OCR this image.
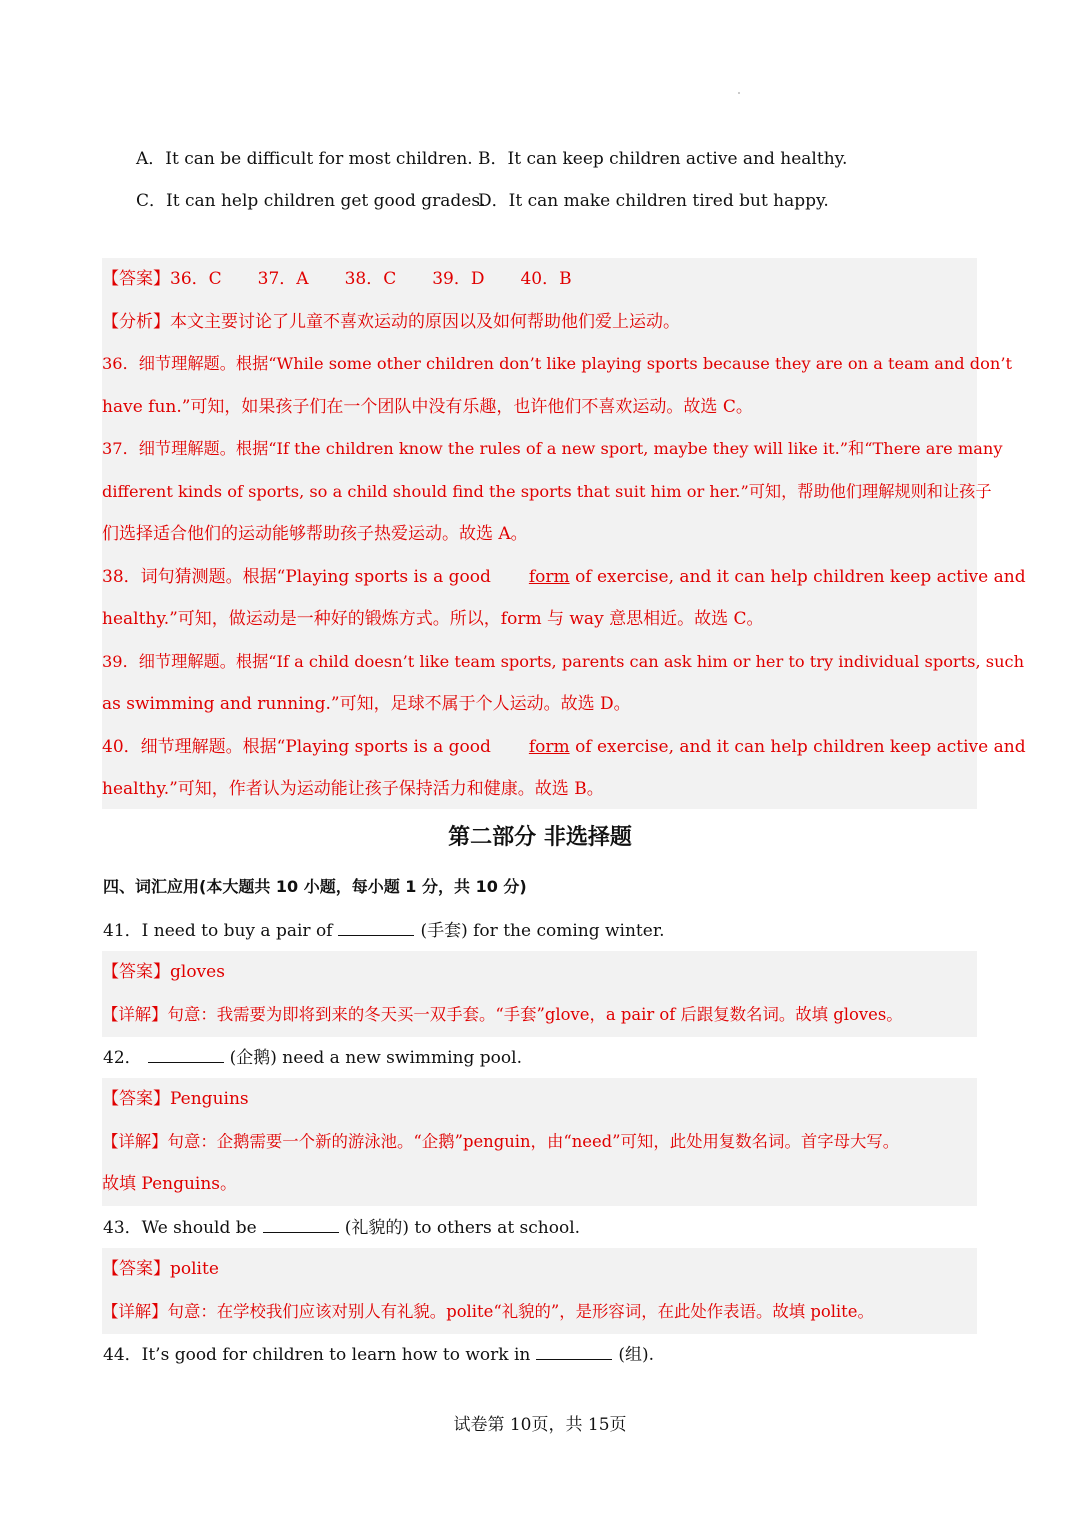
A．It can be difficult for most children. B．It can keep children active and healthy.
C．It can help children get good grades.
D．It can make children tired but happy.
【答案】36．C 37．A 38．C 39．D 40．B
【分析】本文主要讨论了儿童不喜欢运动的原因以及如何帮助他们爱上运动。
36．细节理解题。根据“While some other children don’t like playing sports because they are on a team and don’t
have fun.”可知，如果孩子们在一个团队中没有乐趣，也许他们不喜欢运动。故选 C。
37．细节理解题。根据“If the children know the rules of a new sport, maybe they will like it.”和“There are many
different kinds of sports, so a child should find the sports that suit him or her.”可知，帮助他们理解规则和让孩子
们选择适合他们的运动能够帮助孩子热爱运动。故选 A。
38．词句猜测题。根据“Playing sports is a good form of exercise, and it can help children keep active and
healthy.”可知，做运动是一种好的锻炼方式。所以，form 与 way 意思相近。故选 C。
39．细节理解题。根据“If a child doesn’t like team sports, parents can ask him or her to try individual sports, such
as swimming and running.”可知，足球不属于个人运动。故选 D。
40．细节理解题。根据“Playing sports is a good form of exercise, and it can help children keep active and
healthy.”可知，作者认为运动能让孩子保持活力和健康。故选 B。
第二部分 非选择题
四、词汇应用(本大题共 10 小题，每小题 1 分，共 10 分)
41．I need to buy a pair of	(手套) for the coming winter.
【答案】gloves
【详解】句意：我需要为即将到来的冬天买一双手套。“手套”glove，a pair of 后跟复数名词。故填 gloves。
42．	(企鹅) need a new swimming pool.
【答案】Penguins
【详解】句意：企鹅需要一个新的游泳池。“企鹅”penguin，由“need”可知，此处用复数名词。首字母大写。
故填 Penguins。
43．We should be	(礼貌的) to others at school.
【答案】polite
【详解】句意：在学校我们应该对别人有礼貌。polite“礼貌的”，是形容词，在此处作表语。故填 polite。
44．It’s good for children to learn how to work in	(组).
试卷第 10页，共 15页
